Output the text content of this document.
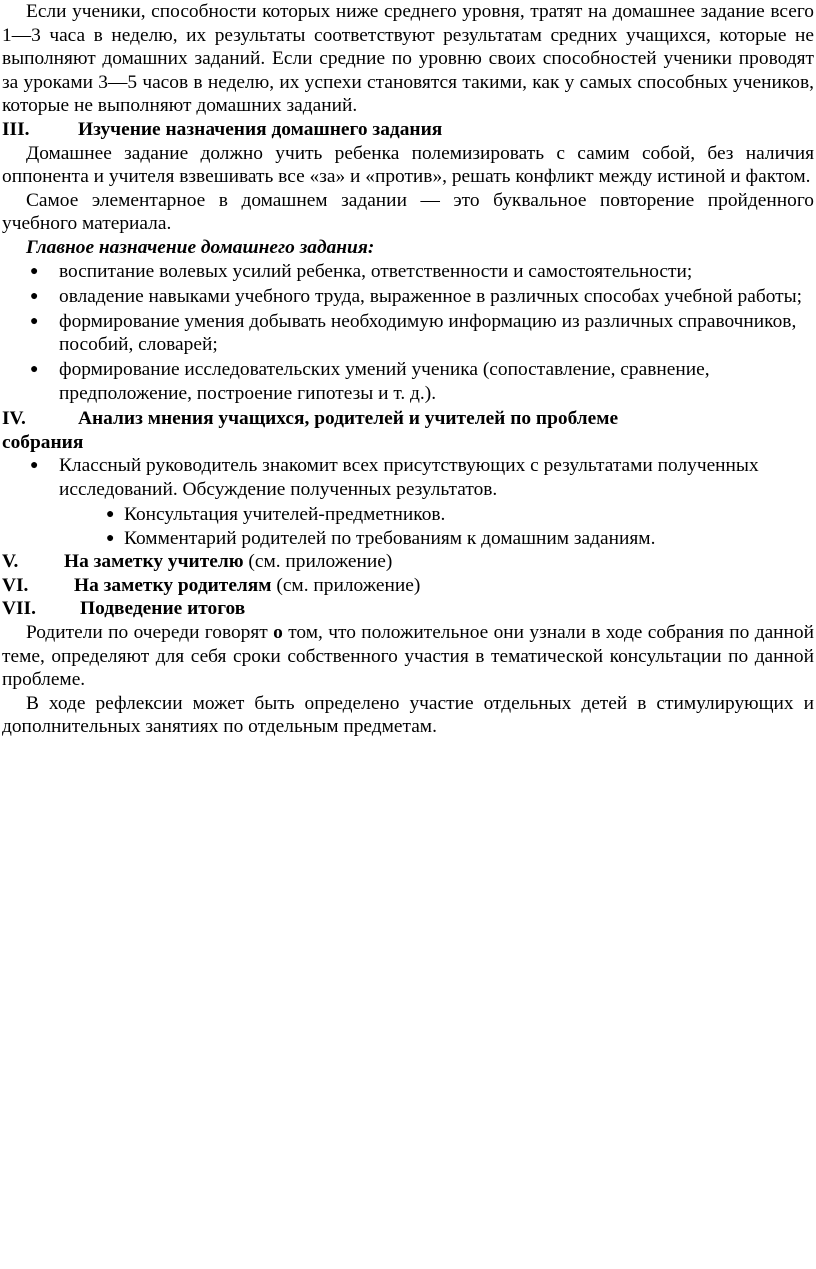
Если ученики, способности которых ниже среднего уровня, тратят на домашнее задание всего 1—3 часа в неделю, их результаты соответствуют результатам средних учащихся, которые не выполняют домашних заданий. Если средние по уровню своих способностей ученики проводят за уроками 3—5 часов в неделю, их успехи становятся такими, как у самых способных учеников, которые не выполняют домашних заданий.

III.	Изучение назначения домашнего задания

Домашнее задание должно учить ребенка полемизировать с самим собой, без наличия оппонента и учителя взвешивать все «за» и «против», решать конфликт между истиной и фактом.

Самое элементарное в домашнем задании — это буквальное повторение пройденного учебного материала.

Главное назначение домашнего задания:

● воспитание волевых усилий ребенка, ответственности и самостоятельности;
● овладение навыками учебного труда, выраженное в различных способах учебной работы;
● формирование умения добывать необходимую информацию из различных справочников, пособий, словарей;
● формирование исследовательских умений ученика (сопоставление, сравнение, предположение, построение гипотезы и т. д.).

IV.	Анализ мнения учащихся, родителей и учителей по проблеме
собрания

● Классный руководитель знакомит всех присутствующих с результатами полученных исследований. Обсуждение полученных результатов.
● Консультация учителей-предметников.
● Комментарий родителей по требованиям к домашним заданиям.

V. На заметку учителю (см. приложение)

VI. На заметку родителям (см. приложение)

VII. Подведение итогов

Родители по очереди говорят о том, что положительное они узнали в ходе собрания по данной теме, определяют для себя сроки собственного участия в тематической консультации по данной проблеме.

В ходе рефлексии может быть определено участие отдельных детей в стимулирующих и дополнительных занятиях по отдельным предметам.
